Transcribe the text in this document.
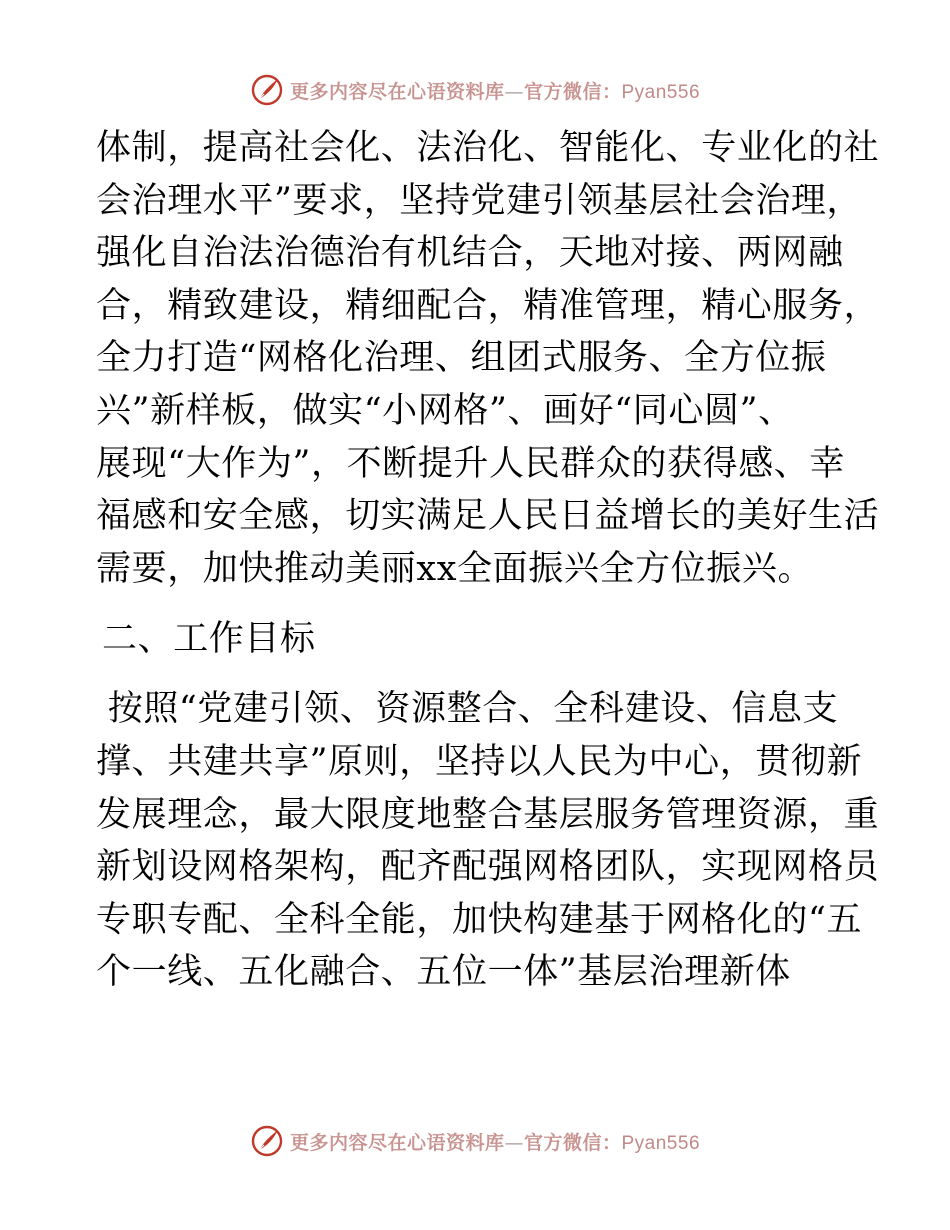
更多内容尽在心语资料库—官方微信：Pyan556
体制，提高社会化、法治化、智能化、专业化的社
会治理水平”要求，坚持党建引领基层社会治理，
强化自治法治德治有机结合，天地对接、两网融
合，精致建设，精细配合，精准管理，精心服务，
全力打造“网格化治理、组团式服务、全方位振
兴”新样板，做实“小网格”、画好“同心圆”、
展现“大作为”，不断提升人民群众的获得感、幸
福感和安全感，切实满足人民日益增长的美好生活
需要，加快推动美丽xx全面振兴全方位振兴。
二、工作目标
按照“党建引领、资源整合、全科建设、信息支
撑、共建共享”原则，坚持以人民为中心，贯彻新
发展理念，最大限度地整合基层服务管理资源，重
新划设网格架构，配齐配强网格团队，实现网格员
专职专配、全科全能，加快构建基于网格化的“五
个一线、五化融合、五位一体”基层治理新体
更多内容尽在心语资料库—官方微信：Pyan556
